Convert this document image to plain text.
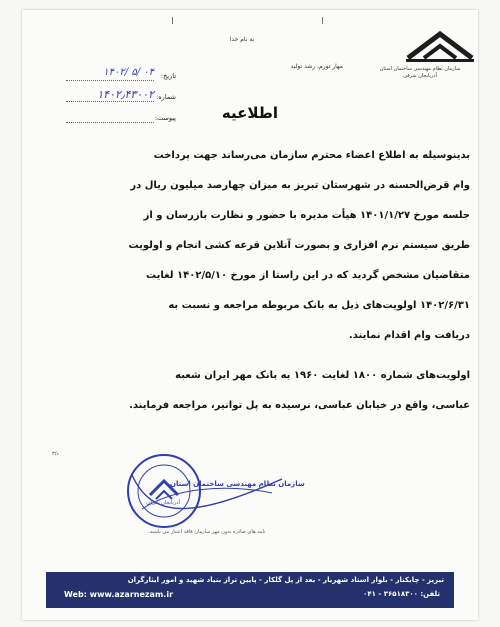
سازمان نظام مهندسی ساختمان استان
آذربایجان شرقی
به نام خدا
مهار تورم، رشد تولید
تاریخ:
۱۴۰۲/ ۵/ ۰۴
شماره:
۱۴۰۲٫۴۳۰۰۲
پیوست:	اطلاعیه
بدینوسیله به اطلاع اعضاء محترم سازمان می‌رساند جهت پرداخت
وام قرض‌الحسنه در شهرستان تبریز به میزان چهارصد میلیون ریال در
جلسه مورخ ۱۴۰۱/۱/۲۷ هیأت مدیره با حضور و نظارت بازرسان و از
طریق سیستم نرم افزاری و بصورت آنلاین قرعه کشی انجام و اولویت
متقاضیان مشخص گردید که در این راستا از مورخ ۱۴۰۲/۵/۱۰ لغایت
۱۴۰۲/۶/۳۱ اولویت‌های ذیل به بانک مربوطه مراجعه و نسبت به
دریافت وام اقدام نمایند.
اولویت‌های شماره ۱۸۰۰ لغایت ۱۹۶۰ به بانک مهر ایران شعبه
عباسی، واقع در خیابان عباسی، نرسیده به پل توانیر، مراجعه فرمایند.
د/۳
سازمان نظام مهندسی ساختمان استان
آذربایجان شرقی
نامه های صادره بدون مهر سازمان فاقد اعتبار می باشند.
تبریز - چایکنار - بلوار استاد شهریار - بعد از پل گلکار - پایین تراز بنیاد شهید و امور ایثارگران
Web: www.azarnezam.ir	تلفن: ۳۶۵۱۸۳۰۰ - ۰۴۱
